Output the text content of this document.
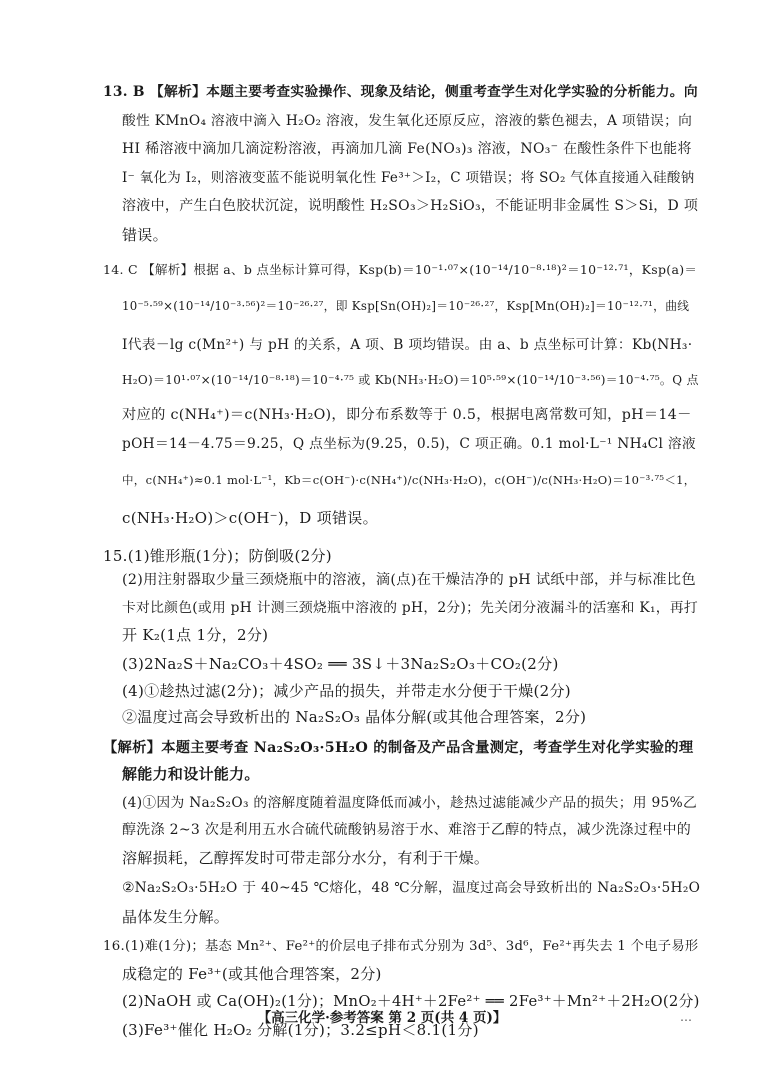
13. B 【解析】本题主要考查实验操作、现象及结论，侧重考查学生对化学实验的分析能力。向
酸性 KMnO₄ 溶液中滴入 H₂O₂ 溶液，发生氧化还原反应，溶液的紫色褪去，A 项错误；向
HI 稀溶液中滴加几滴淀粉溶液，再滴加几滴 Fe(NO₃)₃ 溶液，NO₃⁻ 在酸性条件下也能将
I⁻ 氧化为 I₂，则溶液变蓝不能说明氧化性 Fe³⁺＞I₂，C 项错误；将 SO₂ 气体直接通入硅酸钠
溶液中，产生白色胶状沉淀，说明酸性 H₂SO₃＞H₂SiO₃，不能证明非金属性 S＞Si，D 项
错误。
14. C 【解析】根据 a、b 点坐标计算可得，Ksp(b)＝10⁻¹·⁰⁷×(10⁻¹⁴/10⁻⁸·¹⁸)²＝10⁻¹²·⁷¹，Ksp(a)＝
10⁻⁵·⁵⁹×(10⁻¹⁴/10⁻³·⁵⁶)²＝10⁻²⁶·²⁷，即 Ksp[Sn(OH)₂]＝10⁻²⁶·²⁷，Ksp[Mn(OH)₂]＝10⁻¹²·⁷¹，曲线
Ⅰ代表－lg c(Mn²⁺) 与 pH 的关系，A 项、B 项均错误。由 a、b 点坐标可计算：Kb(NH₃·
H₂O)＝10¹·⁰⁷×(10⁻¹⁴/10⁻⁸·¹⁸)＝10⁻⁴·⁷⁵ 或 Kb(NH₃·H₂O)＝10⁵·⁵⁹×(10⁻¹⁴/10⁻³·⁵⁶)＝10⁻⁴·⁷⁵。Q 点
对应的 c(NH₄⁺)＝c(NH₃·H₂O)，即分布系数等于 0.5，根据电离常数可知，pH＝14－
pOH＝14－4.75＝9.25，Q 点坐标为(9.25，0.5)，C 项正确。0.1 mol·L⁻¹ NH₄Cl 溶液
中，c(NH₄⁺)≈0.1 mol·L⁻¹，Kb＝c(OH⁻)·c(NH₄⁺)/c(NH₃·H₂O)，c(OH⁻)/c(NH₃·H₂O)＝10⁻³·⁷⁵＜1，
c(NH₃·H₂O)＞c(OH⁻)，D 项错误。
15.(1)锥形瓶(1分)；防倒吸(2分)
(2)用注射器取少量三颈烧瓶中的溶液，滴(点)在干燥洁净的 pH 试纸中部，并与标准比色
卡对比颜色(或用 pH 计测三颈烧瓶中溶液的 pH，2分)；先关闭分液漏斗的活塞和 K₁，再打
开 K₂(1点 1分，2分)
(3)2Na₂S＋Na₂CO₃＋4SO₂ ══ 3S↓＋3Na₂S₂O₃＋CO₂(2分)
(4)①趁热过滤(2分)；减少产品的损失，并带走水分便于干燥(2分)
②温度过高会导致析出的 Na₂S₂O₃ 晶体分解(或其他合理答案，2分)
【解析】本题主要考查 Na₂S₂O₃·5H₂O 的制备及产品含量测定，考查学生对化学实验的理
解能力和设计能力。
(4)①因为 Na₂S₂O₃ 的溶解度随着温度降低而减小，趁热过滤能减少产品的损失；用 95%乙
醇洗涤 2~3 次是利用五水合硫代硫酸钠易溶于水、难溶于乙醇的特点，减少洗涤过程中的
溶解损耗，乙醇挥发时可带走部分水分，有利于干燥。
②Na₂S₂O₃·5H₂O 于 40~45 ℃熔化，48 ℃分解，温度过高会导致析出的 Na₂S₂O₃·5H₂O
晶体发生分解。
16.(1)难(1分)；基态 Mn²⁺、Fe²⁺的价层电子排布式分别为 3d⁵、3d⁶，Fe²⁺再失去 1 个电子易形
成稳定的 Fe³⁺(或其他合理答案，2分)
(2)NaOH 或 Ca(OH)₂(1分)；MnO₂＋4H⁺＋2Fe²⁺ ══ 2Fe³⁺＋Mn²⁺＋2H₂O(2分)
(3)Fe³⁺催化 H₂O₂ 分解(1分)；3.2≤pH＜8.1(1分)
【高三化学·参考答案 第 2 页(共 4 页)】	…
